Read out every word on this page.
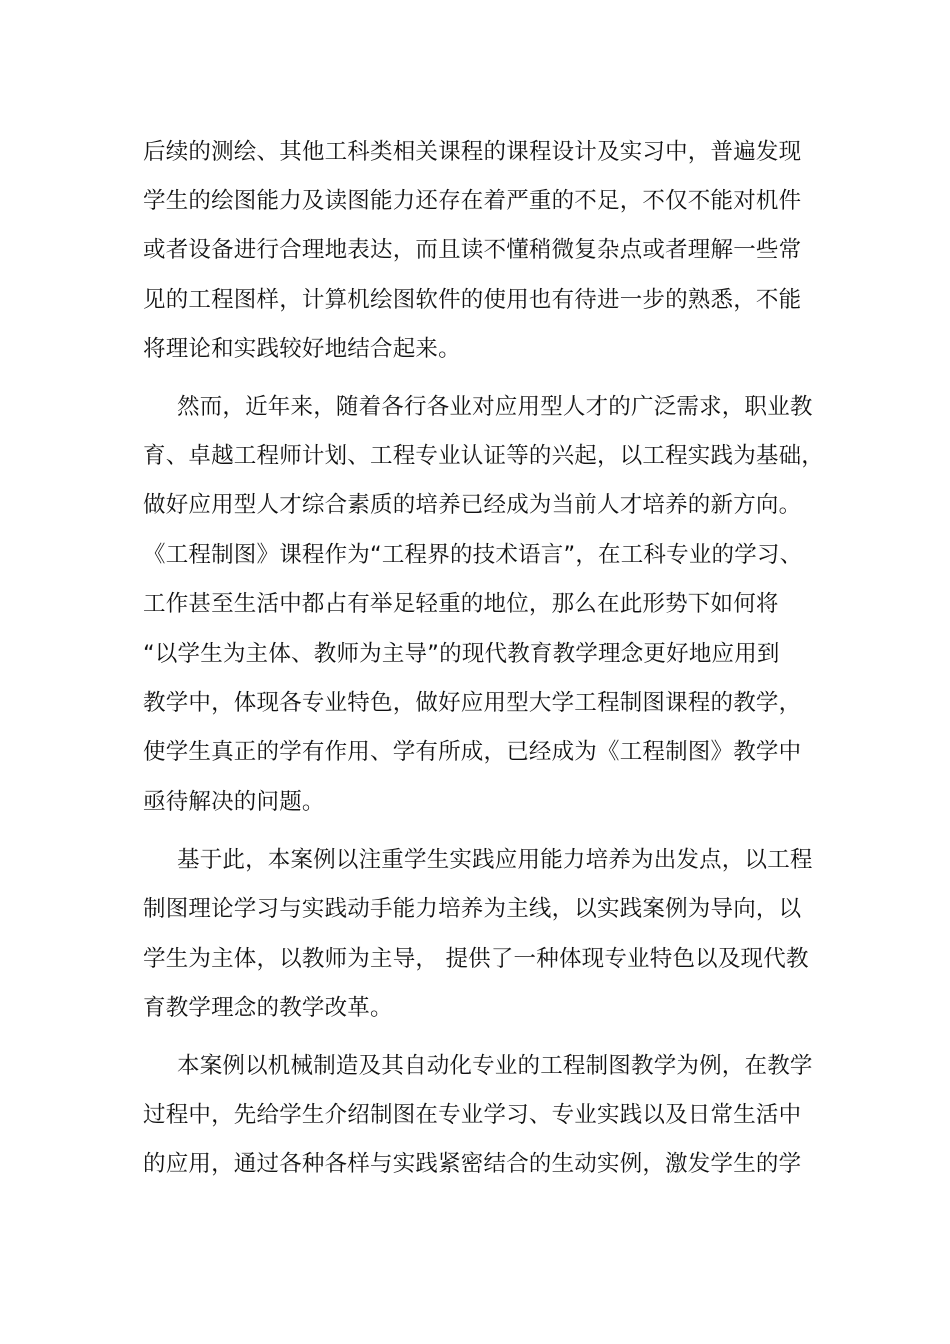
后续的测绘、其他工科类相关课程的课程设计及实习中，普遍发现
学生的绘图能力及读图能力还存在着严重的不足，不仅不能对机件
或者设备进行合理地表达，而且读不懂稍微复杂点或者理解一些常
见的工程图样，计算机绘图软件的使用也有待进一步的熟悉，不能
将理论和实践较好地结合起来。
然而，近年来，随着各行各业对应用型人才的广泛需求，职业教
育、卓越工程师计划、工程专业认证等的兴起，以工程实践为基础，
做好应用型人才综合素质的培养已经成为当前人才培养的新方向。
《工程制图》课程作为“工程界的技术语言”，在工科专业的学习、
工作甚至生活中都占有举足轻重的地位，那么在此形势下如何将
“以学生为主体、教师为主导”的现代教育教学理念更好地应用到
教学中，体现各专业特色，做好应用型大学工程制图课程的教学，
使学生真正的学有作用、学有所成，已经成为《工程制图》教学中
亟待解决的问题。
基于此，本案例以注重学生实践应用能力培养为出发点，以工程
制图理论学习与实践动手能力培养为主线，以实践案例为导向，以
学生为主体，以教师为主导， 提供了一种体现专业特色以及现代教
育教学理念的教学改革。
本案例以机械制造及其自动化专业的工程制图教学为例，在教学
过程中，先给学生介绍制图在专业学习、专业实践以及日常生活中
的应用，通过各种各样与实践紧密结合的生动实例，激发学生的学
